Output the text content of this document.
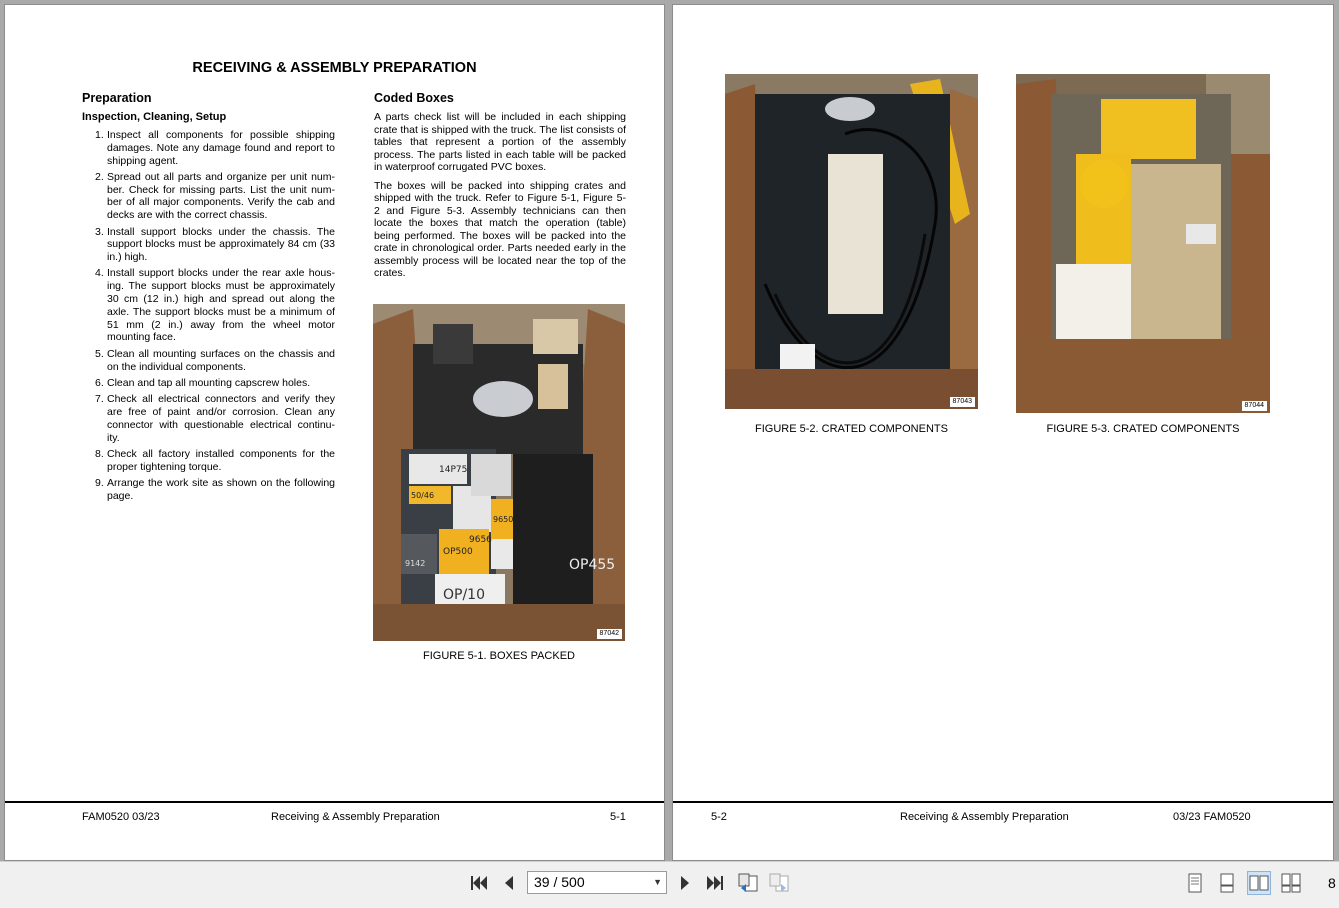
RECEIVING & ASSEMBLY PREPARATION
Preparation
Inspection, Cleaning, Setup
1. Inspect all components for possible shipping damages. Note any damage found and report to shipping agent.
2. Spread out all parts and organize per unit num- ber. Check for missing parts. List the unit num- ber of all major components. Verify the cab and decks are with the correct chassis.
3. Install support blocks under the chassis. The support blocks must be approximately 84 cm (33 in.) high.
4. Install support blocks under the rear axle hous- ing. The support blocks must be approximately 30 cm (12 in.) high and spread out along the axle. The support blocks must be a minimum of 51 mm (2 in.) away from the wheel motor mounting face.
5. Clean all mounting surfaces on the chassis and on the individual components.
6. Clean and tap all mounting capscrew holes.
7. Check all electrical connectors and verify they are free of paint and/or corrosion. Clean any connector with questionable electrical continu- ity.
8. Check all factory installed components for the proper tightening torque.
9. Arrange the work site as shown on the following page.
Coded Boxes

A parts check list will be included in each shipping crate that is shipped with the truck. The list consists of tables that represent a portion of the assembly process. The parts listed in each table will be packed in waterproof corrugated PVC boxes.

The boxes will be packed into shipping crates and shipped with the truck. Refer to Figure 5-1, Figure 5- 2 and Figure 5-3. Assembly technicians can then locate the boxes that match the operation (table) being performed. The boxes will be packed into the crate in chronological order. Parts needed early in the assembly process will be located near the top of the crates.

14P75
50/46
OP500
9656
9650
OP455
OP/10
9142
87042
FIGURE 5-1. BOXES PACKED
FAM0520 03/23	Receiving & Assembly Preparation	5-1
87043
FIGURE 5-2. CRATED COMPONENTS
87044
FIGURE 5-3. CRATED COMPONENTS
5-2	Receiving & Assembly Preparation	03/23 FAM0520
39 / 500	▼	8
